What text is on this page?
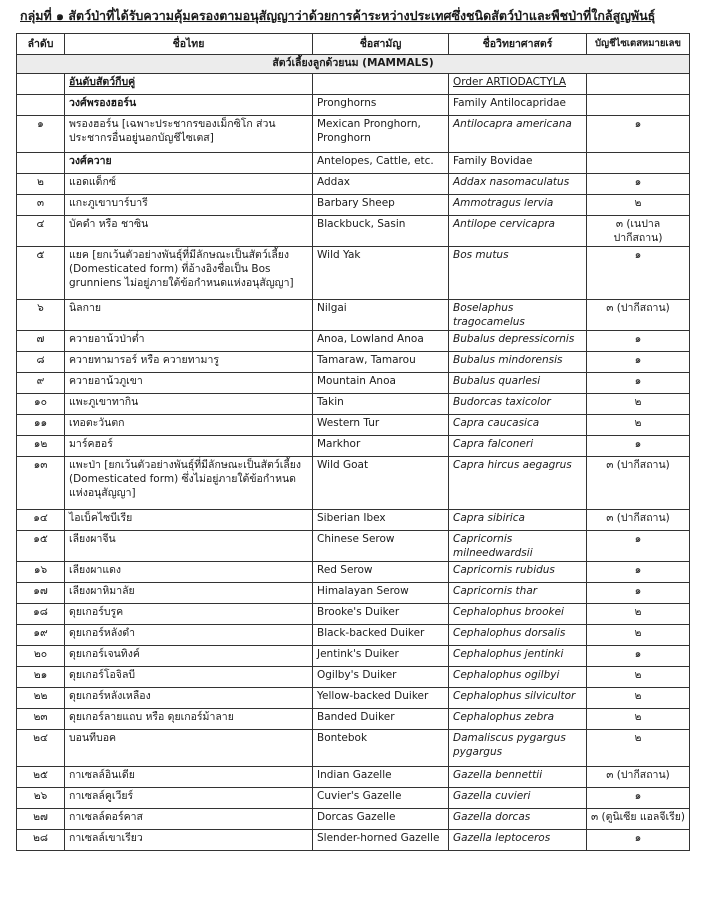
กลุ่มที่ ๑ สัตว์ป่าที่ได้รับความคุ้มครองตามอนุสัญญาว่าด้วยการค้าระหว่างประเทศซึ่งชนิดสัตว์ป่าและพืชป่าที่ใกล้สูญพันธุ์
ลำดับ	ชื่อไทย	ชื่อสามัญ	ชื่อวิทยาศาสตร์	บัญชีไซเตสหมายเลข
สัตว์เลี้ยงลูกด้วยนม (MAMMALS)				
	อันดับสัตว์กีบคู่		Order ARTIODACTYLA	
	วงศ์พรองฮอร์น	Pronghorns	Family Antilocapridae	
๑	พรองฮอร์น [เฉพาะประชากรของเม็กซิโก ส่วนประชากรอื่นอยู่นอกบัญชีไซเตส]	Mexican Pronghorn, Pronghorn	Antilocapra americana	๑
	วงศ์ควาย	Antelopes, Cattle, etc.	Family Bovidae	
๒	แอดแด็กซ์	Addax	Addax nasomaculatus	๑
๓	แกะภูเขาบาร์บารี	Barbary Sheep	Ammotragus lervia	๒
๔	บัคดำ หรือ ชาซิน	Blackbuck, Sasin	Antilope cervicapra	๓ (เนปาล ปากีสถาน)
๕	แยค [ยกเว้นตัวอย่างพันธุ์ที่มีลักษณะเป็นสัตว์เลี้ยง (Domesticated form) ที่อ้างอิงชื่อเป็น Bos grunniens ไม่อยู่ภายใต้ข้อกำหนดแห่งอนุสัญญา]	Wild Yak	Bos mutus	๑
๖	นิลกาย	Nilgai	Boselaphus tragocamelus	๓ (ปากีสถาน)
๗	ควายอาน้วป่าต่ำ	Anoa, Lowland Anoa	Bubalus depressicornis	๑
๘	ควายทามารอร์ หรือ ควายทามารู	Tamaraw, Tamarou	Bubalus mindorensis	๑
๙	ควายอาน้วภูเขา	Mountain Anoa	Bubalus quarlesi	๑
๑๐	แพะภูเขาทากิน	Takin	Budorcas taxicolor	๒
๑๑	เทอตะวันตก	Western Tur	Capra caucasica	๒
๑๒	มาร์คฮอร์	Markhor	Capra falconeri	๑
๑๓	แพะป่า [ยกเว้นตัวอย่างพันธุ์ที่มีลักษณะเป็นสัตว์เลี้ยง (Domesticated form) ซึ่งไม่อยู่ภายใต้ข้อกำหนดแห่งอนุสัญญา]	Wild Goat	Capra hircus aegagrus	๓ (ปากีสถาน)
๑๔	ไอเบ็คไซบีเรีย	Siberian Ibex	Capra sibirica	๓ (ปากีสถาน)
๑๕	เลียงผาจีน	Chinese Serow	Capricornis milneedwardsii	๑
๑๖	เลียงผาแดง	Red Serow	Capricornis rubidus	๑
๑๗	เลียงผาหิมาลัย	Himalayan Serow	Capricornis thar	๑
๑๘	ดุยเกอร์บรูค	Brooke's Duiker	Cephalophus brookei	๒
๑๙	ดุยเกอร์หลังดำ	Black-backed Duiker	Cephalophus dorsalis	๒
๒๐	ดุยเกอร์เจนทิงค์	Jentink's Duiker	Cephalophus jentinki	๑
๒๑	ดุยเกอร์โอจิลบี	Ogilby's Duiker	Cephalophus ogilbyi	๒
๒๒	ดุยเกอร์หลังเหลือง	Yellow-backed Duiker	Cephalophus silvicultor	๒
๒๓	ดุยเกอร์ลายแถบ หรือ ดุยเกอร์ม้าลาย	Banded Duiker	Cephalophus zebra	๒
๒๔	บอนทีบอค	Bontebok	Damaliscus pygargus pygargus	๒
๒๕	กาเซลล์อินเดีย	Indian Gazelle	Gazella bennettii	๓ (ปากีสถาน)
๒๖	กาเซลล์คูเวียร์	Cuvier's Gazelle	Gazella cuvieri	๑
๒๗	กาเซลล์ดอร์คาส	Dorcas Gazelle	Gazella dorcas	๓ (ตูนิเซีย แอลจีเรีย)
๒๘	กาเซลล์เขาเรียว	Slender-horned Gazelle	Gazella leptoceros	๑
